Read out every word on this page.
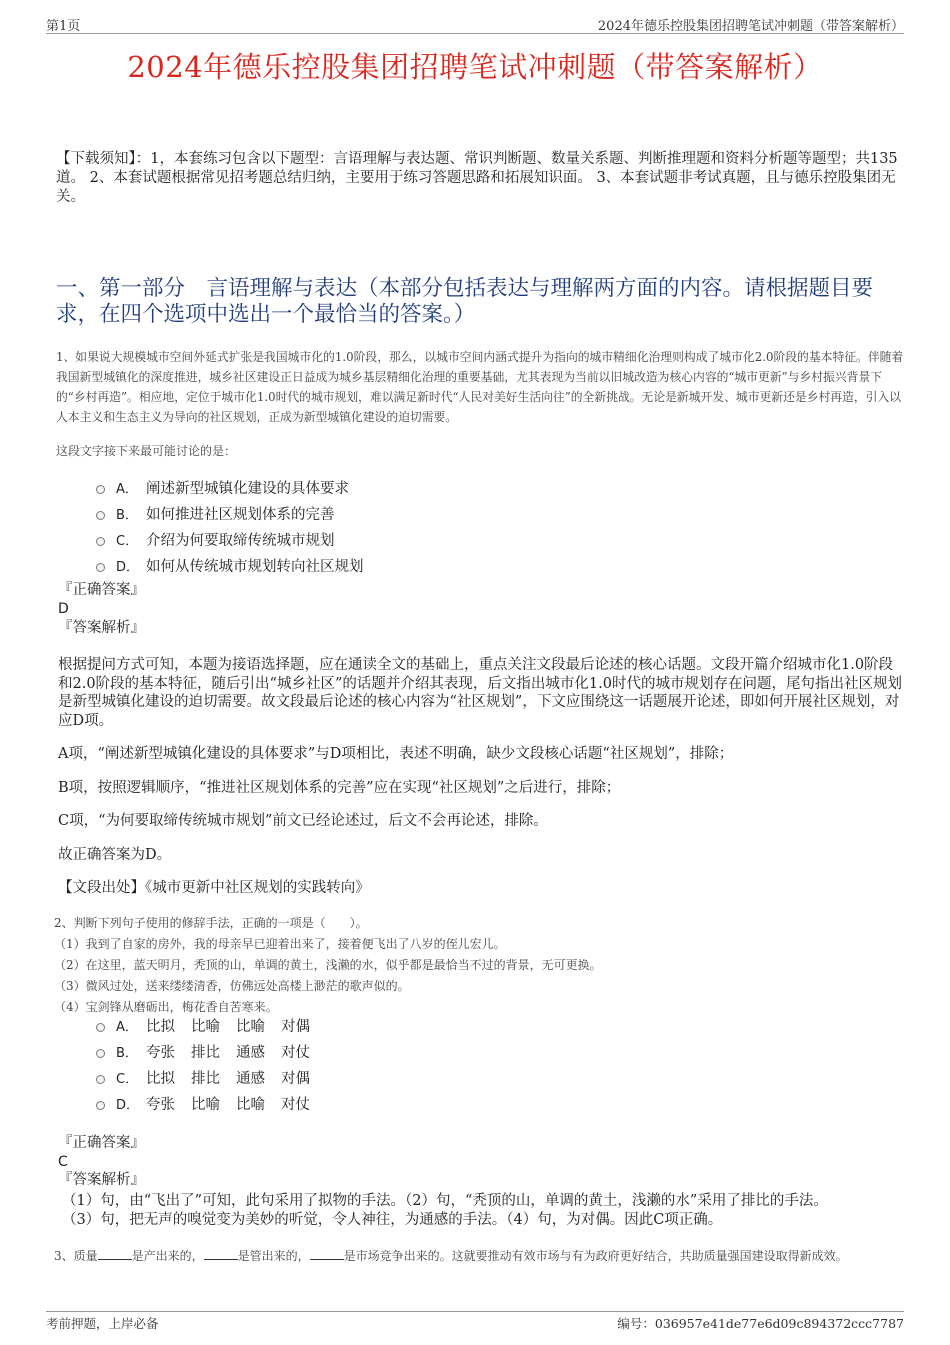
第1页	2024年德乐控股集团招聘笔试冲刺题（带答案解析）
2024年德乐控股集团招聘笔试冲刺题（带答案解析）
【下载须知】：1，本套练习包含以下题型：言语理解与表达题、常识判断题、数量关系题、判断推理题和资料分析题等题型；共135道。 2、本套试题根据常见招考题总结归纳，主要用于练习答题思路和拓展知识面。 3、本套试题非考试真题，且与德乐控股集团无关。
一、第一部分　言语理解与表达（本部分包括表达与理解两方面的内容。请根据题目要求，在四个选项中选出一个最恰当的答案。）
1、如果说大规模城市空间外延式扩张是我国城市化的1.0阶段，那么，以城市空间内涵式提升为指向的城市精细化治理则构成了城市化2.0阶段的基本特征。伴随着我国新型城镇化的深度推进，城乡社区建设正日益成为城乡基层精细化治理的重要基础，尤其表现为当前以旧城改造为核心内容的“城市更新”与乡村振兴背景下的“乡村再造”。相应地，定位于城市化1.0时代的城市规划，难以满足新时代“人民对美好生活向往”的全新挑战。无论是新城开发、城市更新还是乡村再造，引入以人本主义和生态主义为导向的社区规划，正成为新型城镇化建设的迫切需要。
这段文字接下来最可能讨论的是：
A． 阐述新型城镇化建设的具体要求
B． 如何推进社区规划体系的完善
C． 介绍为何要取缔传统城市规划
D． 如何从传统城市规划转向社区规划
『正确答案』
D
『答案解析』

根据提问方式可知，本题为接语选择题，应在通读全文的基础上，重点关注文段最后论述的核心话题。文段开篇介绍城市化1.0阶段和2.0阶段的基本特征，随后引出“城乡社区”的话题并介绍其表现，后文指出城市化1.0时代的城市规划存在问题，尾句指出社区规划是新型城镇化建设的迫切需要。故文段最后论述的核心内容为“社区规划”，下文应围绕这一话题展开论述，即如何开展社区规划，对应D项。

A项，“阐述新型城镇化建设的具体要求”与D项相比，表述不明确，缺少文段核心话题“社区规划”，排除；

B项，按照逻辑顺序，“推进社区规划体系的完善”应在实现“社区规划”之后进行，排除；

C项，“为何要取缔传统城市规划”前文已经论述过，后文不会再论述，排除。

故正确答案为D。

【文段出处】《城市更新中社区规划的实践转向》

2、判断下列句子使用的修辞手法，正确的一项是（　　）。
（1）我到了自家的房外，我的母亲早已迎着出来了，接着便飞出了八岁的侄儿宏儿。
（2）在这里，蓝天明月，秃顶的山，单调的黄土，浅濑的水，似乎都是最恰当不过的背景，无可更换。
（3）微风过处，送来缕缕清香，仿佛远处高楼上渺茫的歌声似的。
（4）宝剑锋从磨砺出，梅花香自苦寒来。
A． 比拟 比喻 比喻 对偶
B． 夸张 排比 通感 对仗
C． 比拟 排比 通感 对偶
D． 夸张 比喻 比喻 对仗
『正确答案』
C
『答案解析』
（1）句，由“飞出了”可知，此句采用了拟物的手法。（2）句，“秃顶的山，单调的黄土，浅濑的水”采用了排比的手法。
（3）句，把无声的嗅觉变为美妙的听觉，令人神往，为通感的手法。（4）句，为对偶。因此C项正确。
3、质量	是产出来的，	是管出来的，	是市场竞争出来的。这就要推动有效市场与有为政府更好结合，共助质量强国建设取得新成效。
考前押题，上岸必备	编号：036957e41de77e6d09c894372ccc7787
